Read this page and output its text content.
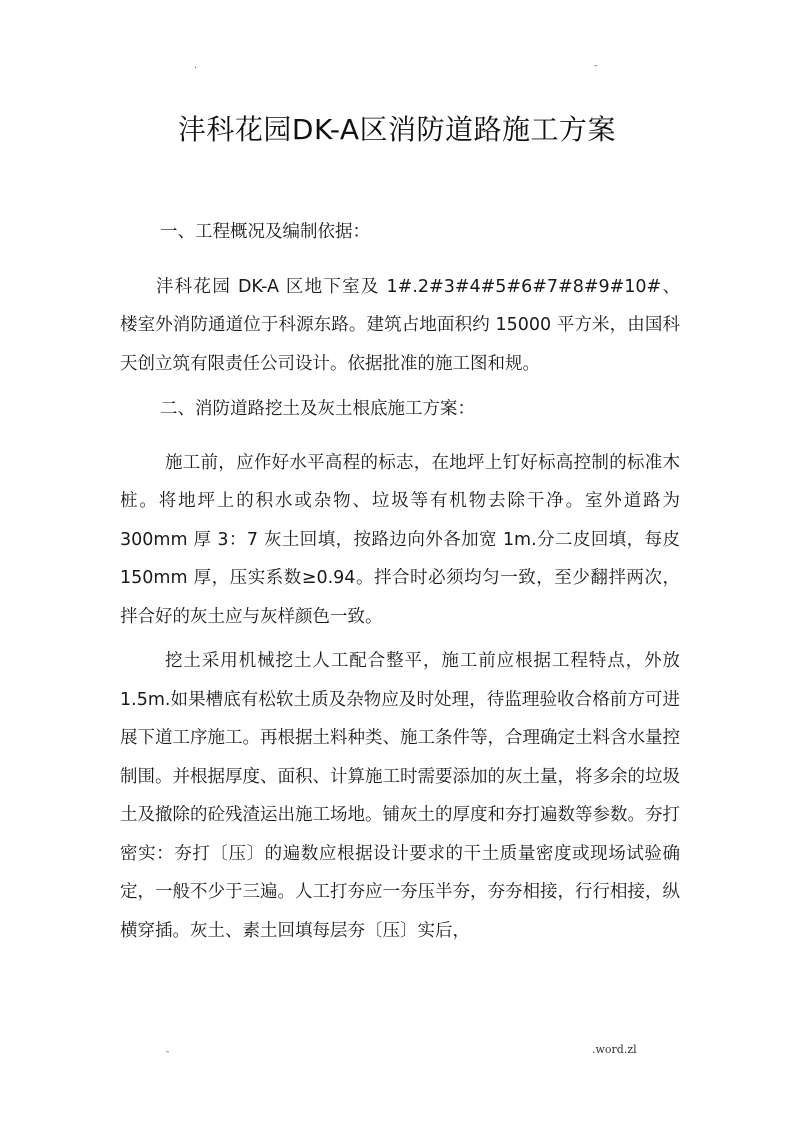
.	-
沣科花园DK-A区消防道路施工方案

一、工程概况及编制依据：

沣科花园 DK-A 区地下室及 1#.2#3#4#5#6#7#8#9#10#、楼室外消防通道位于科源东路。建筑占地面积约 15000 平方米，由国科天创立筑有限责任公司设计。依据批准的施工图和规。

二、消防道路挖土及灰土根底施工方案：

施工前，应作好水平高程的标志，在地坪上钉好标高控制的标准木桩。将地坪上的积水或杂物、垃圾等有机物去除干净。室外道路为 300mm 厚 3：7 灰土回填，按路边向外各加宽 1m.分二皮回填，每皮 150mm 厚，压实系数≥0.94。拌合时必须均匀一致，至少翻拌两次，拌合好的灰土应与灰样颜色一致。

挖土采用机械挖土人工配合整平，施工前应根据工程特点，外放 1.5m.如果槽底有松软土质及杂物应及时处理，待监理验收合格前方可进展下道工序施工。再根据土料种类、施工条件等，合理确定土料含水量控制围。并根据厚度、面积、计算施工时需要添加的灰土量，将多余的垃圾土及撤除的砼残渣运出施工场地。铺灰土的厚度和夯打遍数等参数。夯打密实：夯打〔压〕的遍数应根据设计要求的干土质量密度或现场试验确定，一般不少于三遍。人工打夯应一夯压半夯，夯夯相接，行行相接，纵横穿插。灰土、素土回填每层夯〔压〕实后，

-	.word.zl
